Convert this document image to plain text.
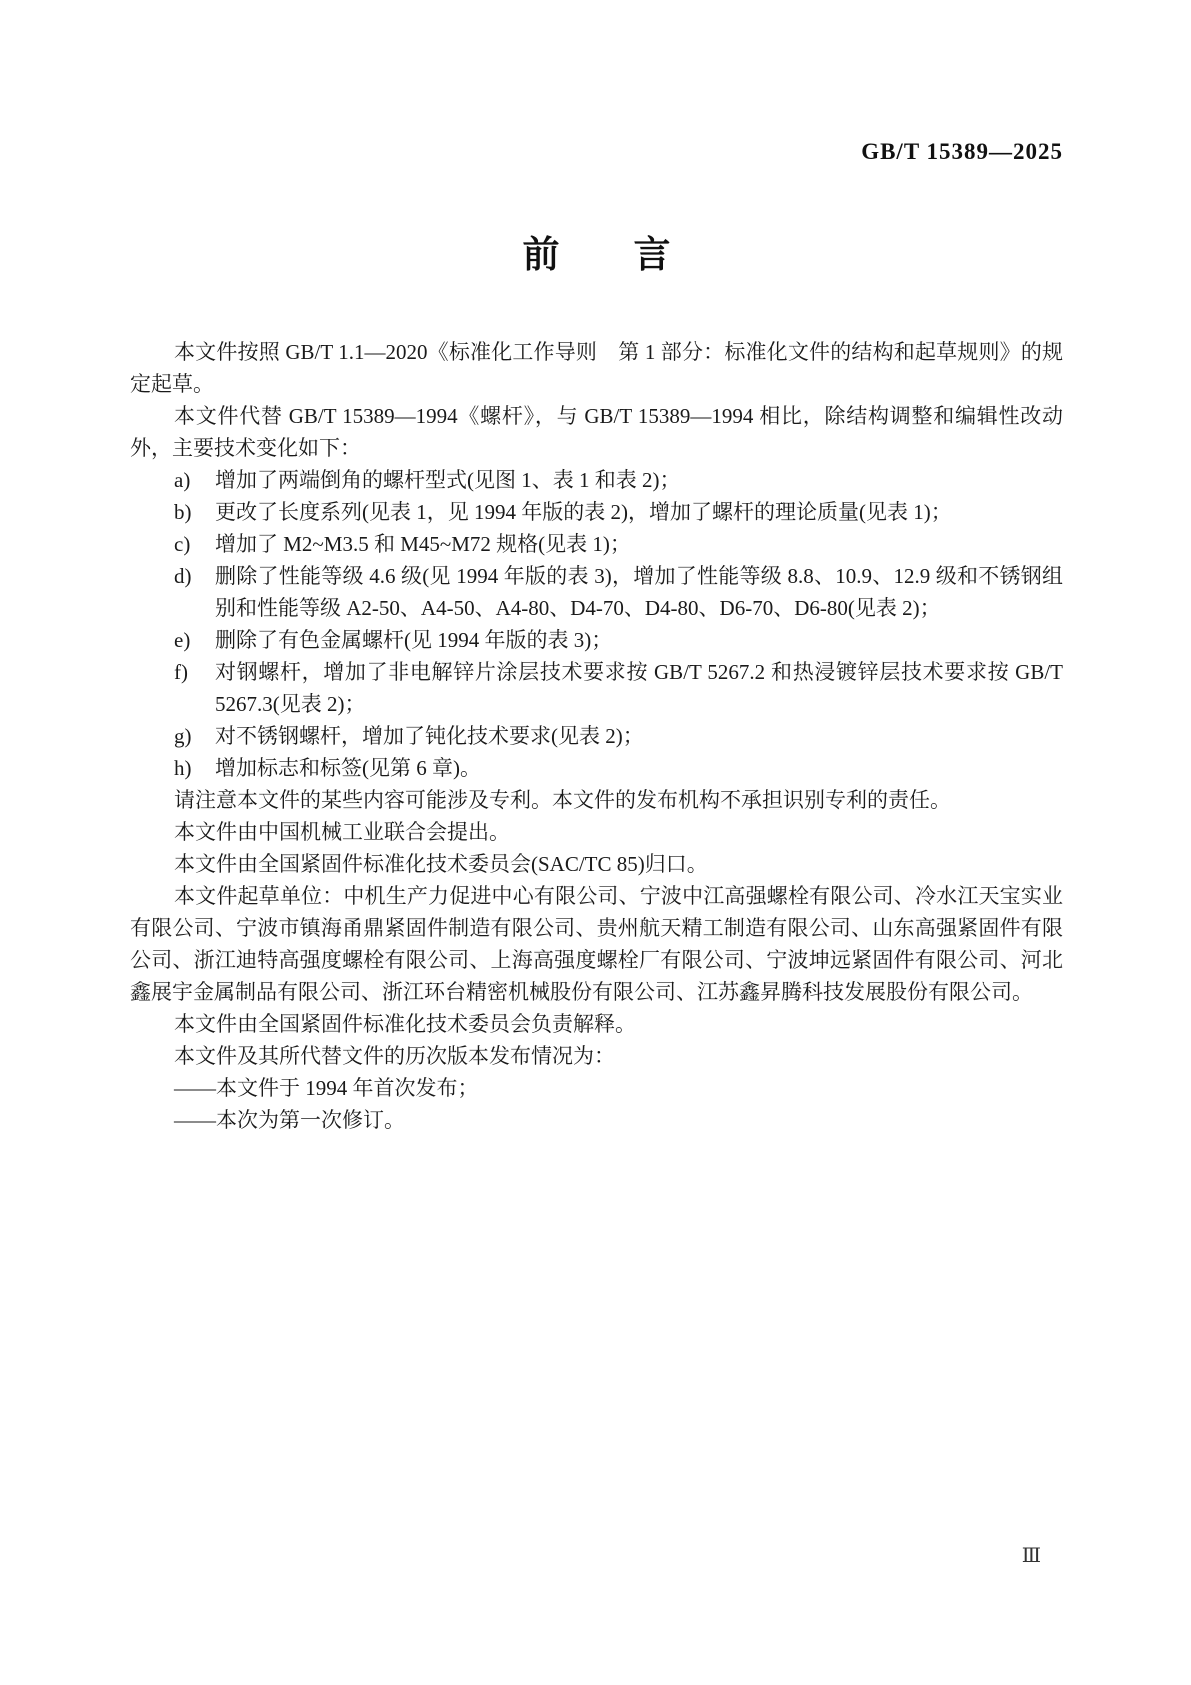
GB/T 15389—2025
前　　言

本文件按照 GB/T 1.1—2020《标准化工作导则　第 1 部分：标准化文件的结构和起草规则》的规定起草。

本文件代替 GB/T 15389—1994《螺杆》，与 GB/T 15389—1994 相比，除结构调整和编辑性改动外，主要技术变化如下：

a) 增加了两端倒角的螺杆型式(见图 1、表 1 和表 2)；
b) 更改了长度系列(见表 1，见 1994 年版的表 2)，增加了螺杆的理论质量(见表 1)；
c) 增加了 M2~M3.5 和 M45~M72 规格(见表 1)；
d) 删除了性能等级 4.6 级(见 1994 年版的表 3)，增加了性能等级 8.8、10.9、12.9 级和不锈钢组别和性能等级 A2-50、A4-50、A4-80、D4-70、D4-80、D6-70、D6-80(见表 2)；
e) 删除了有色金属螺杆(见 1994 年版的表 3)；
f) 对钢螺杆，增加了非电解锌片涂层技术要求按 GB/T 5267.2 和热浸镀锌层技术要求按 GB/T 5267.3(见表 2)；
g) 对不锈钢螺杆，增加了钝化技术要求(见表 2)；
h) 增加标志和标签(见第 6 章)。

请注意本文件的某些内容可能涉及专利。本文件的发布机构不承担识别专利的责任。

本文件由中国机械工业联合会提出。

本文件由全国紧固件标准化技术委员会(SAC/TC 85)归口。

本文件起草单位：中机生产力促进中心有限公司、宁波中江高强螺栓有限公司、冷水江天宝实业有限公司、宁波市镇海甬鼎紧固件制造有限公司、贵州航天精工制造有限公司、山东高强紧固件有限公司、浙江迪特高强度螺栓有限公司、上海高强度螺栓厂有限公司、宁波坤远紧固件有限公司、河北鑫展宇金属制品有限公司、浙江环台精密机械股份有限公司、江苏鑫昇腾科技发展股份有限公司。

本文件由全国紧固件标准化技术委员会负责解释。

本文件及其所代替文件的历次版本发布情况为：

——本文件于 1994 年首次发布；

——本次为第一次修订。

Ⅲ
